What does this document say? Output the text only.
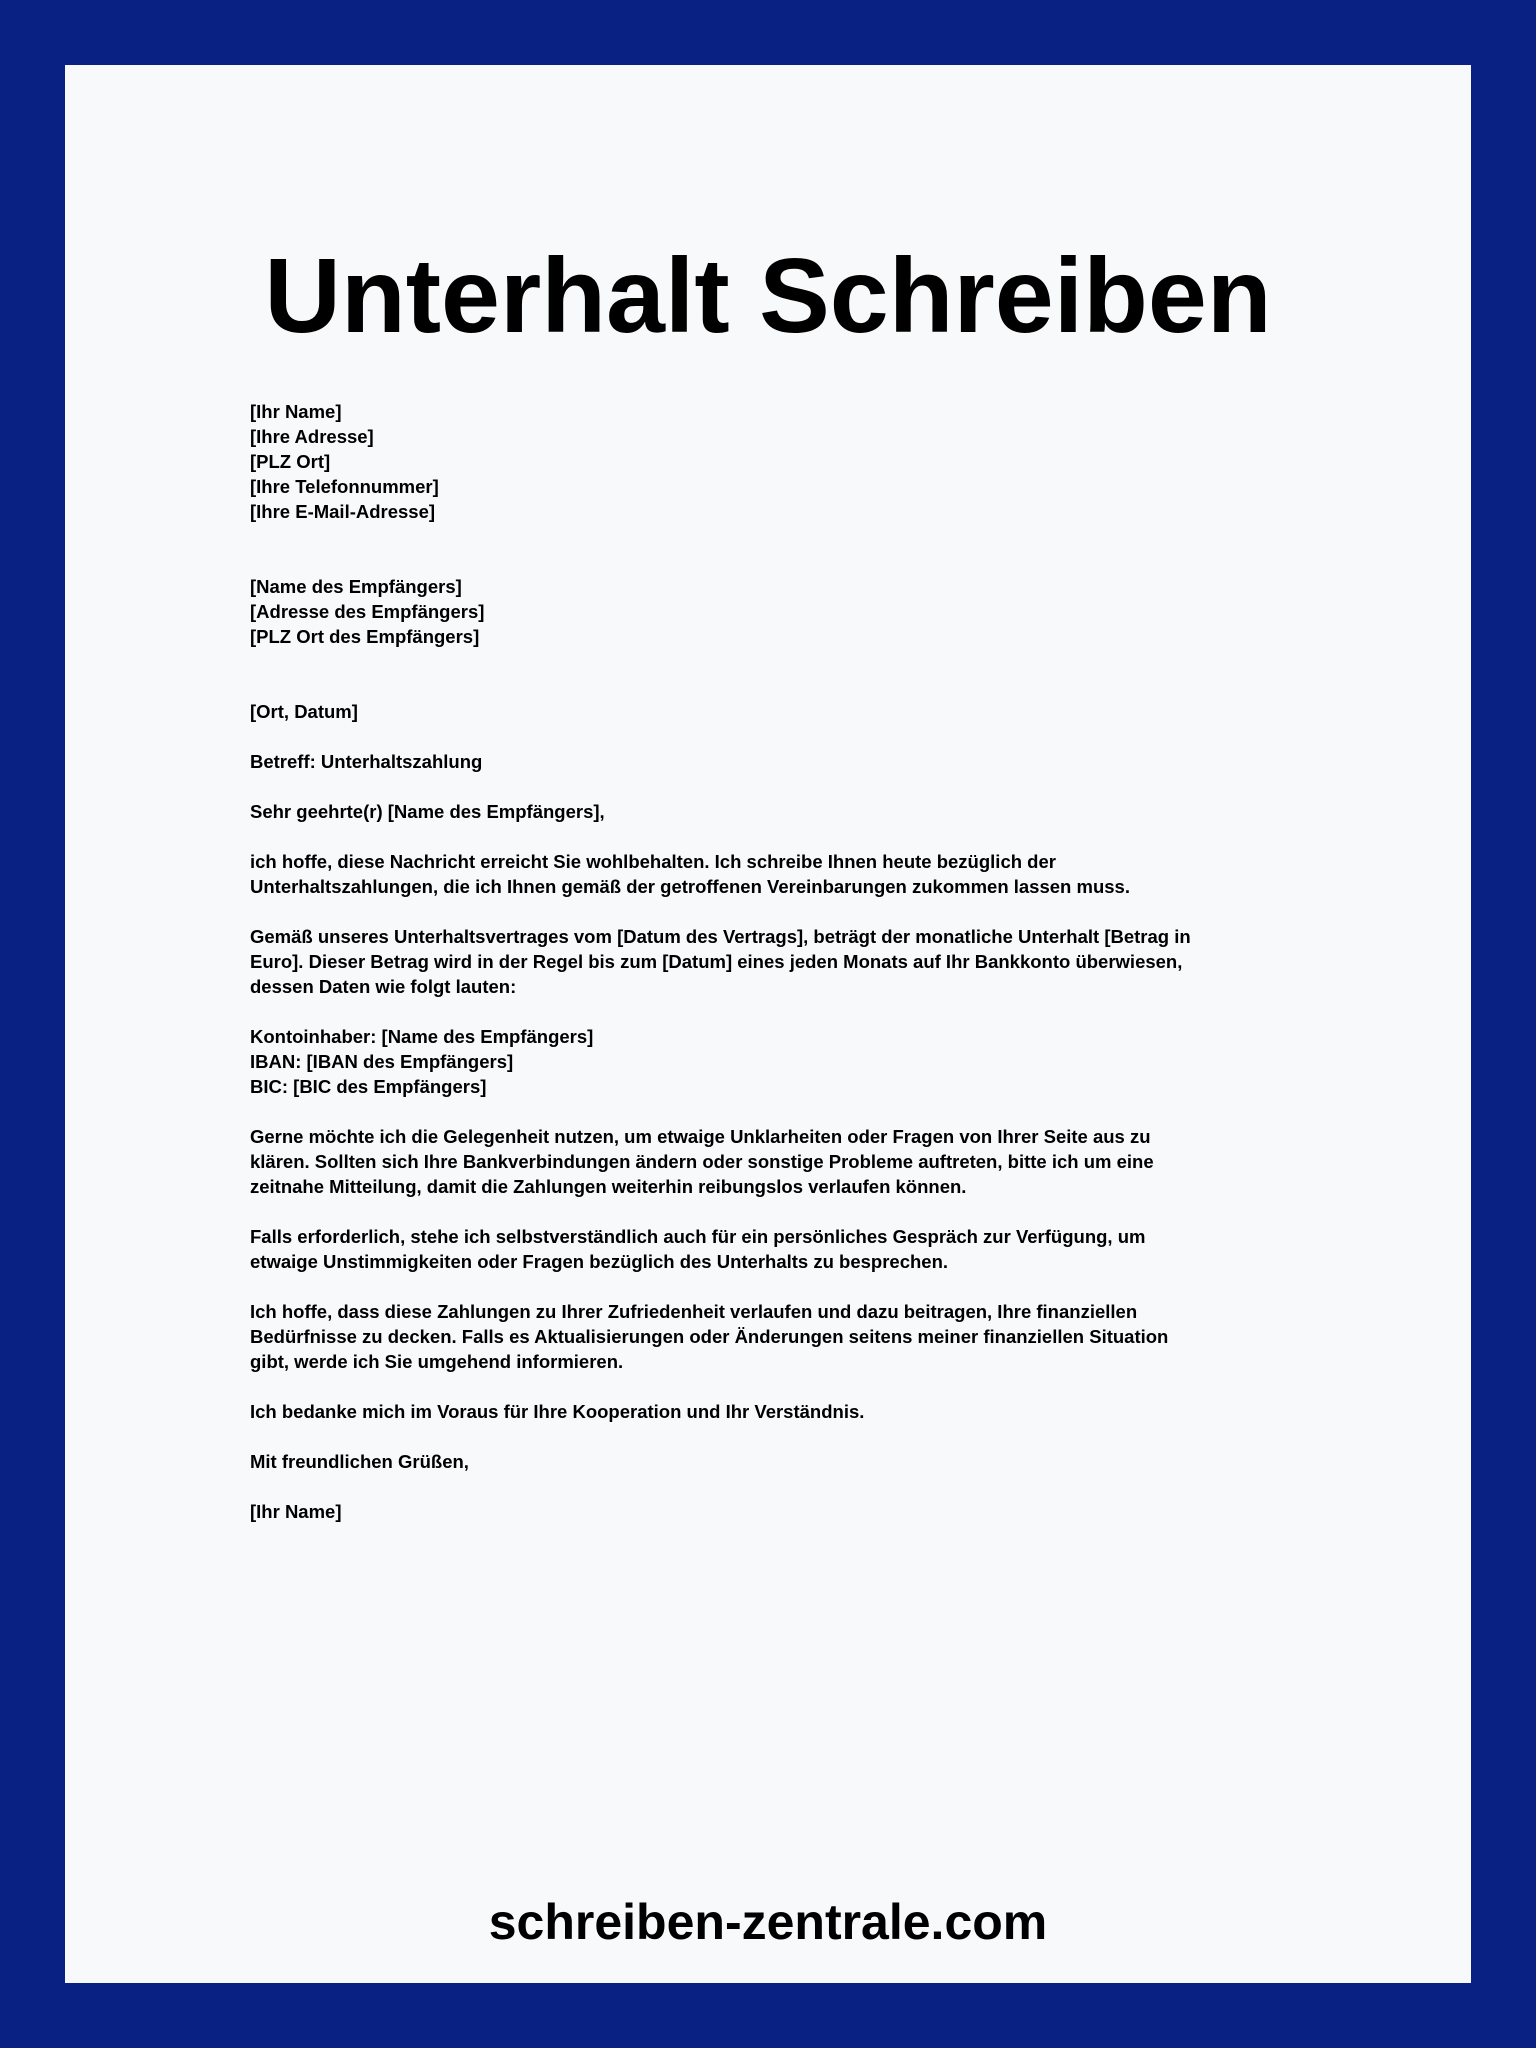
Unterhalt Schreiben
[Ihr Name]
[Ihre Adresse]
[PLZ Ort]
[Ihre Telefonnummer]
[Ihre E-Mail-Adresse]
[Name des Empfängers]
[Adresse des Empfängers]
[PLZ Ort des Empfängers]
[Ort, Datum]
Betreff: Unterhaltszahlung
Sehr geehrte(r) [Name des Empfängers],
ich hoffe, diese Nachricht erreicht Sie wohlbehalten. Ich schreibe Ihnen heute bezüglich der
Unterhaltszahlungen, die ich Ihnen gemäß der getroffenen Vereinbarungen zukommen lassen muss.
Gemäß unseres Unterhaltsvertrages vom [Datum des Vertrags], beträgt der monatliche Unterhalt [Betrag in
Euro]. Dieser Betrag wird in der Regel bis zum [Datum] eines jeden Monats auf Ihr Bankkonto überwiesen,
dessen Daten wie folgt lauten:
Kontoinhaber: [Name des Empfängers]
IBAN: [IBAN des Empfängers]
BIC: [BIC des Empfängers]
Gerne möchte ich die Gelegenheit nutzen, um etwaige Unklarheiten oder Fragen von Ihrer Seite aus zu
klären. Sollten sich Ihre Bankverbindungen ändern oder sonstige Probleme auftreten, bitte ich um eine
zeitnahe Mitteilung, damit die Zahlungen weiterhin reibungslos verlaufen können.
Falls erforderlich, stehe ich selbstverständlich auch für ein persönliches Gespräch zur Verfügung, um
etwaige Unstimmigkeiten oder Fragen bezüglich des Unterhalts zu besprechen.
Ich hoffe, dass diese Zahlungen zu Ihrer Zufriedenheit verlaufen und dazu beitragen, Ihre finanziellen
Bedürfnisse zu decken. Falls es Aktualisierungen oder Änderungen seitens meiner finanziellen Situation
gibt, werde ich Sie umgehend informieren.
Ich bedanke mich im Voraus für Ihre Kooperation und Ihr Verständnis.
Mit freundlichen Grüßen,
[Ihr Name]
schreiben-zentrale.com
